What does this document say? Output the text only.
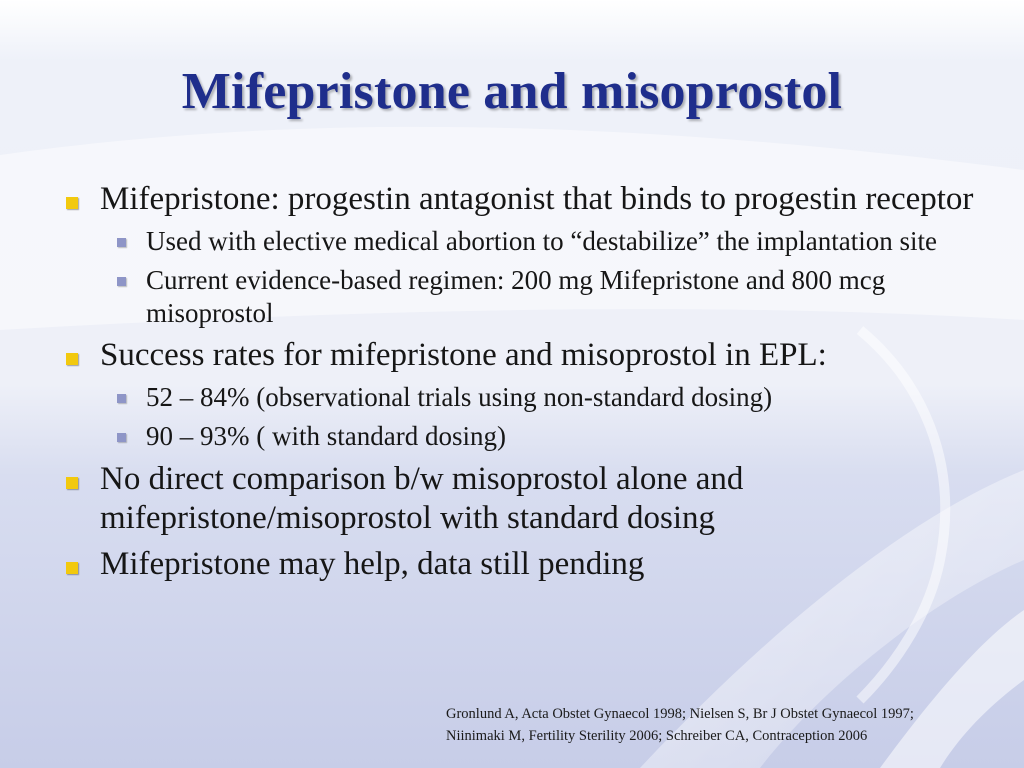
Mifepristone and misoprostol
Mifepristone: progestin antagonist that binds to progestin receptor
Used with elective medical abortion to “destabilize” the implantation site
Current evidence-based regimen: 200 mg Mifepristone and 800 mcg misoprostol
Success rates for mifepristone and misoprostol in EPL:
52 – 84% (observational trials using non-standard dosing)
90 – 93% ( with standard dosing)
No direct comparison b/w misoprostol alone and mifepristone/misoprostol with standard dosing
Mifepristone may help, data still pending
Gronlund A, Acta Obstet Gynaecol 1998; Nielsen S, Br J Obstet Gynaecol 1997;
Niinimaki M, Fertility Sterility 2006; Schreiber CA, Contraception 2006
